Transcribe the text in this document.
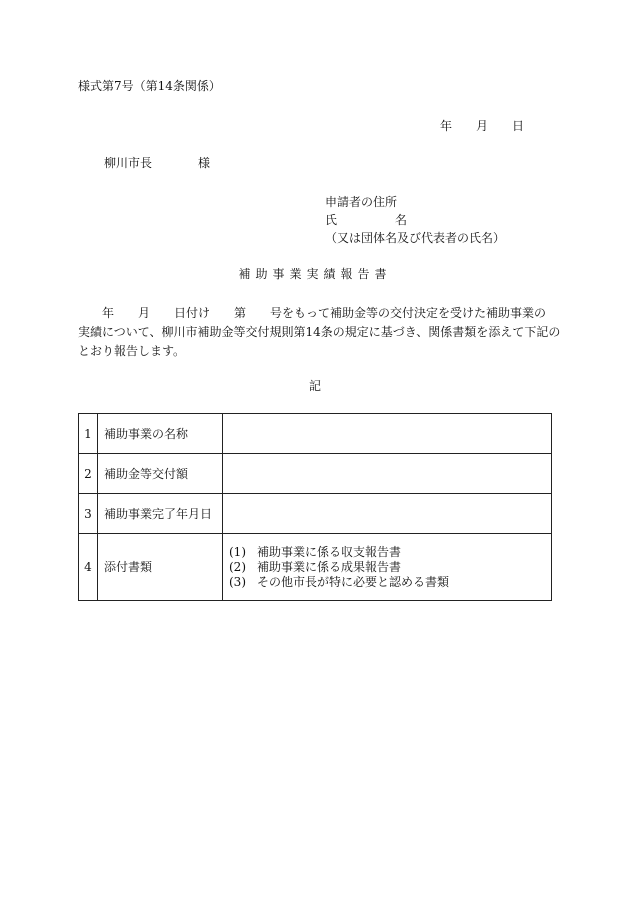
様式第7号（第14条関係）
年 月 日
柳川市長	様
申請者の住所
氏	名
（又は団体名及び代表者の氏名）
補助事業実績報告書
　　年　　月　　日付け　　第　　号をもって補助金等の交付決定を受けた補助事業の
実績について、柳川市補助金等交付規則第14条の規定に基づき、関係書類を添えて下記の
とおり報告します。
記
1	補助事業の名称	
2	補助金等交付額	
3	補助事業完了年月日	
4	添付書類	(1) 補助事業に係る収支報告書
(2) 補助事業に係る成果報告書
(3) その他市長が特に必要と認める書類
